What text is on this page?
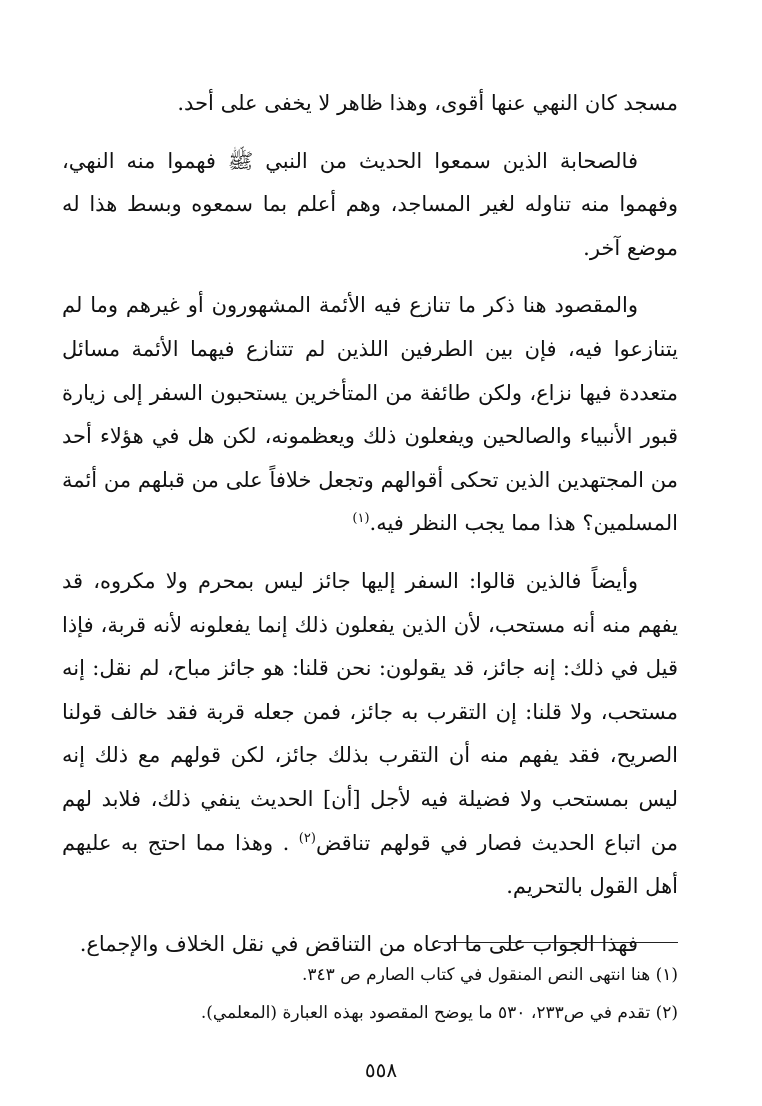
مسجد كان النهي عنها أقوى، وهذا ظاهر لا يخفى على أحد.

فالصحابة الذين سمعوا الحديث من النبي ﷺ فهموا منه النهي، وفهموا منه تناوله لغير المساجد، وهم أعلم بما سمعوه وبسط هذا له موضع آخر.

والمقصود هنا ذكر ما تنازع فيه الأئمة المشهورون أو غيرهم وما لم يتنازعوا فيه، فإن بين الطرفين اللذين لم تتنازع فيهما الأئمة مسائل متعددة فيها نزاع، ولكن طائفة من المتأخرين يستحبون السفر إلى زيارة قبور الأنبياء والصالحين ويفعلون ذلك ويعظمونه، لكن هل في هؤلاء أحد من المجتهدين الذين تحكى أقوالهم وتجعل خلافاً على من قبلهم من أئمة المسلمين؟ هذا مما يجب النظر فيه.$^{(١)}$

وأيضاً فالذين قالوا: السفر إليها جائز ليس بمحرم ولا مكروه، قد يفهم منه أنه مستحب، لأن الذين يفعلون ذلك إنما يفعلونه لأنه قربة، فإذا قيل في ذلك: إنه جائز، قد يقولون: نحن قلنا: هو جائز مباح، لم نقل: إنه مستحب، ولا قلنا: إن التقرب به جائز، فمن جعله قربة فقد خالف قولنا الصريح، فقد يفهم منه أن التقرب بذلك جائز، لكن قولهم مع ذلك إنه ليس بمستحب ولا فضيلة فيه لأجل [أن] الحديث ينفي ذلك، فلابد لهم من اتباع الحديث فصار في قولهم تناقض$^{(٢)}$ . وهذا مما احتج به عليهم أهل القول بالتحريم.

فهذا الجواب على ما ادعاه من التناقض في نقل الخلاف والإجماع.

(١) هنا انتهى النص المنقول في كتاب الصارم ص ٣٤٣.

(٢) تقدم في ص٢٣٣، ٥٣٠ ما يوضح المقصود بهذه العبارة (المعلمي).

٥٥٨
